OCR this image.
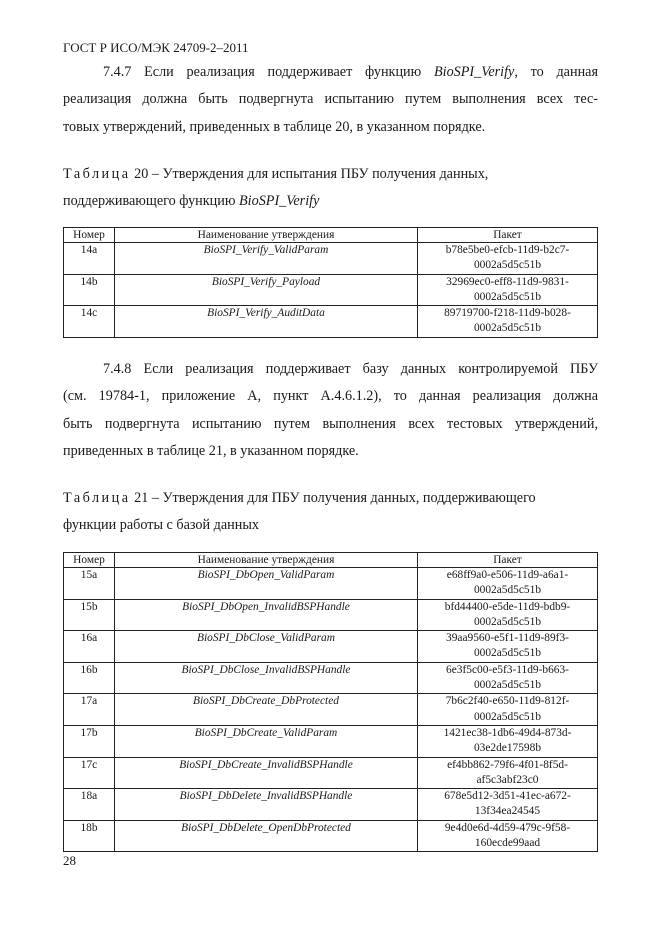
ГОСТ Р ИСО/МЭК 24709-2–2011
7.4.7 Если реализация поддерживает функцию BioSPI_Verify, то данная
реализация должна быть подвергнута испытанию путем выполнения всех тес-
товых утверждений, приведенных в таблице 20, в указанном порядке.
Таблица 20 – Утверждения для испытания ПБУ получения данных,
поддерживающего функцию BioSPI_Verify
Номер	Наименование утверждения	Пакет
14a	BioSPI_Verify_ValidParam	b78e5be0-efcb-11d9-b2c7-
0002a5d5c51b

14b	BioSPI_Verify_Payload	32969ec0-eff8-11d9-9831-
0002a5d5c51b

14c	BioSPI_Verify_AuditData	89719700-f218-11d9-b028-
0002a5d5c51b
7.4.8 Если реализация поддерживает базу данных контролируемой ПБУ
(см. 19784-1, приложение А, пункт А.4.6.1.2), то данная реализация должна
быть подвергнута испытанию путем выполнения всех тестовых утверждений,
приведенных в таблице 21, в указанном порядке.
Таблица 21 – Утверждения для ПБУ получения данных, поддерживающего
функции работы с базой данных
Номер	Наименование утверждения	Пакет
15a	BioSPI_DbOpen_ValidParam	e68ff9a0-e506-11d9-a6a1-
0002a5d5c51b

15b	BioSPI_DbOpen_InvalidBSPHandle	bfd44400-e5de-11d9-bdb9-
0002a5d5c51b

16a	BioSPI_DbClose_ValidParam	39aa9560-e5f1-11d9-89f3-
0002a5d5c51b

16b	BioSPI_DbClose_InvalidBSPHandle	6e3f5c00-e5f3-11d9-b663-
0002a5d5c51b

17a	BioSPI_DbCreate_DbProtected	7b6c2f40-e650-11d9-812f-
0002a5d5c51b

17b	BioSPI_DbCreate_ValidParam	1421ec38-1db6-49d4-873d-
03e2de17598b

17c	BioSPI_DbCreate_InvalidBSPHandle	ef4bb862-79f6-4f01-8f5d-
af5c3abf23c0

18a	BioSPI_DbDelete_InvalidBSPHandle	678e5d12-3d51-41ec-a672-
13f34ea24545

18b	BioSPI_DbDelete_OpenDbProtected	9e4d0e6d-4d59-479c-9f58-
160ecde99aad
28
